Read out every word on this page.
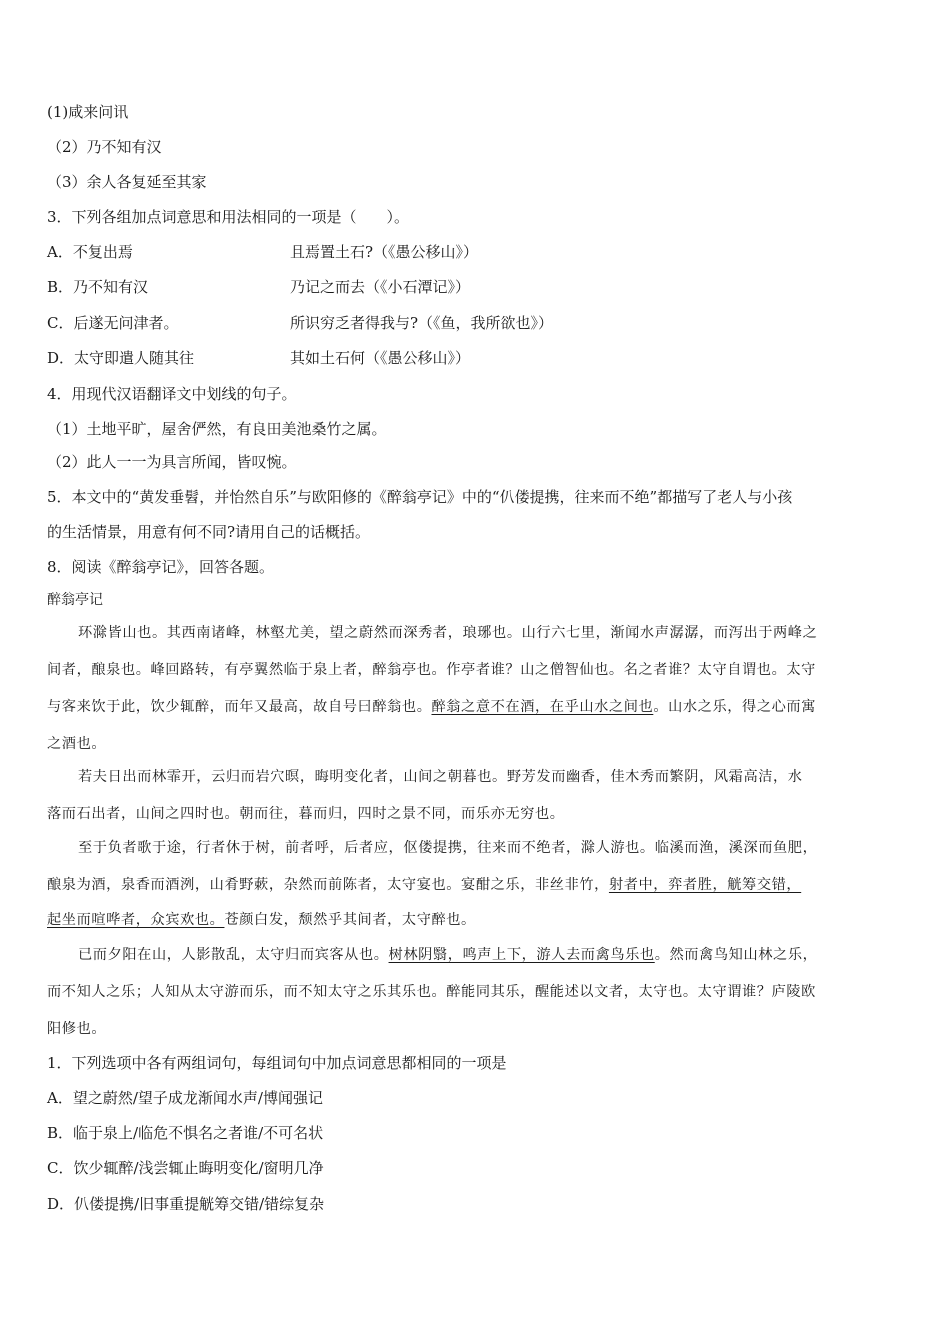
(1)咸来问讯
（2）乃不知有汉
（3）余人各复延至其家
3．下列各组加点词意思和用法相同的一项是（　　）。
A．不复出焉	且焉置土石?（《愚公移山》）
B．乃不知有汉	乃记之而去（《小石潭记》）
C．后遂无问津者。	所识穷乏者得我与?（《鱼，我所欲也》）
D．太守即遣人随其往	其如土石何（《愚公移山》）
4．用现代汉语翻译文中划线的句子。
（1）土地平旷，屋舍俨然，有良田美池桑竹之属。
（2）此人一一为具言所闻，皆叹惋。
5．本文中的“黄发垂髫，并怡然自乐”与欧阳修的《醉翁亭记》中的“仈偻提携，往来而不绝”都描写了老人与小孩
的生活情景，用意有何不同?请用自己的话概括。
8．阅读《醉翁亭记》，回答各题。
醉翁亭记
环滁皆山也。其西南诸峰，林壑尤美，望之蔚然而深秀者，琅琊也。山行六七里，渐闻水声潺潺，而泻出于两峰之
间者，酿泉也。峰回路转，有亭翼然临于泉上者，醉翁亭也。作亭者谁？山之僧智仙也。名之者谁？太守自谓也。太守
与客来饮于此，饮少辄醉，而年又最高，故自号曰醉翁也。醉翁之意不在酒，在乎山水之间也。山水之乐，得之心而寓
之酒也。
若夫日出而林霏开，云归而岩穴暝，晦明变化者，山间之朝暮也。野芳发而幽香，佳木秀而繁阴，风霜高洁，水
落而石出者，山间之四时也。朝而往，暮而归，四时之景不同，而乐亦无穷也。
至于负者歌于途，行者休于树，前者呼，后者应，伛偻提携，往来而不绝者，滁人游也。临溪而渔，溪深而鱼肥，
酿泉为酒，泉香而酒洌，山肴野蔌，杂然而前陈者，太守宴也。宴酣之乐，非丝非竹，射者中，弈者胜，觥筹交错，
起坐而喧哗者，众宾欢也。苍颜白发，颓然乎其间者，太守醉也。
已而夕阳在山，人影散乱，太守归而宾客从也。树林阴翳，鸣声上下，游人去而禽鸟乐也。然而禽鸟知山林之乐，
而不知人之乐；人知从太守游而乐，而不知太守之乐其乐也。醉能同其乐，醒能述以文者，太守也。太守谓谁？庐陵欧
阳修也。
1．下列选项中各有两组词句，每组词句中加点词意思都相同的一项是
A．望之蔚然/望子成龙渐闻水声/博闻强记
B．临于泉上/临危不惧名之者谁/不可名状
C．饮少辄醉/浅尝辄止晦明变化/窗明几净
D．仈偻提携/旧事重提觥筹交错/错综复杂
